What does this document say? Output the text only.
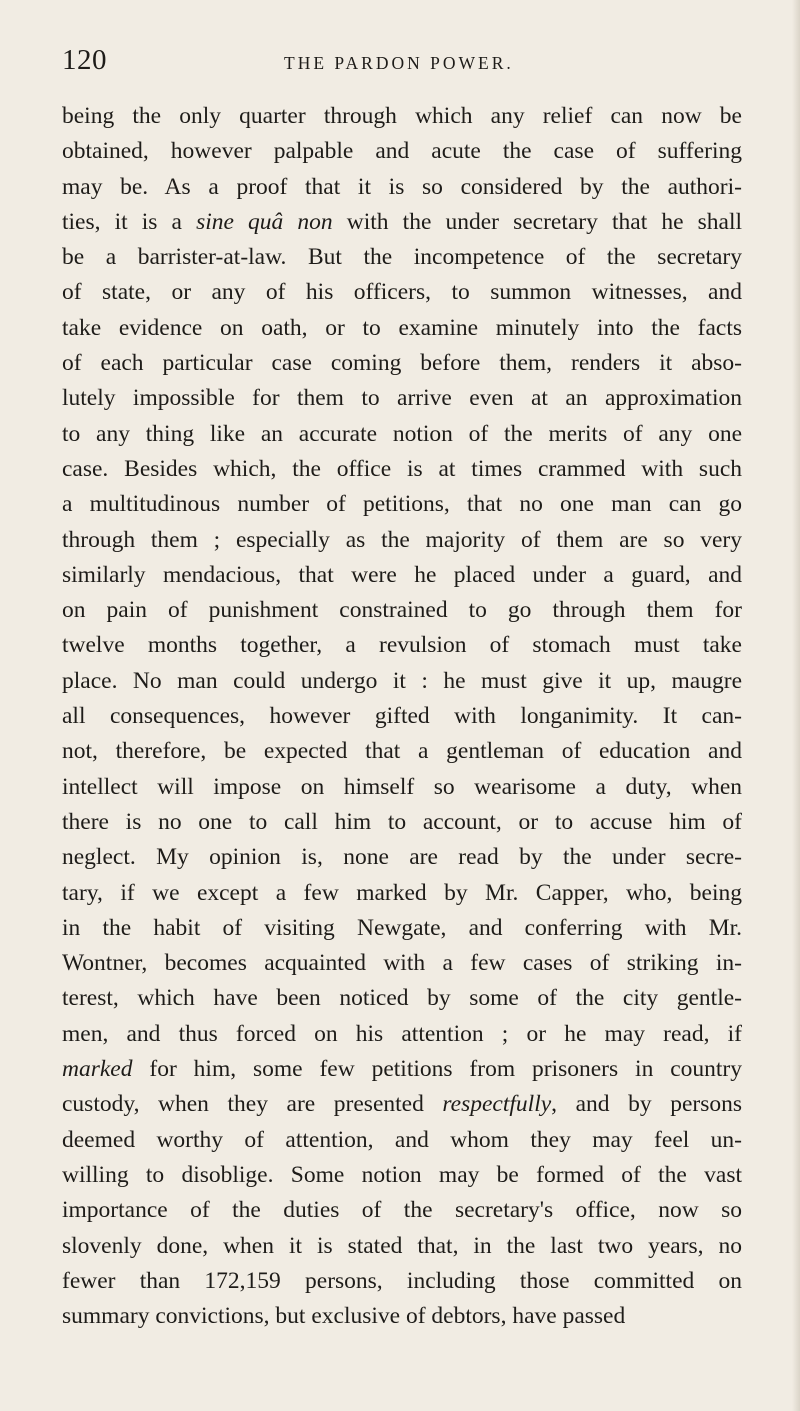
120	THE PARDON POWER.
being the only quarter through which any relief can now be
obtained, however palpable and acute the case of suffering
may be. As a proof that it is so considered by the authori-
ties, it is a sine quâ non with the under secretary that he shall
be a barrister-at-law. But the incompetence of the secretary
of state, or any of his officers, to summon witnesses, and
take evidence on oath, or to examine minutely into the facts
of each particular case coming before them, renders it abso-
lutely impossible for them to arrive even at an approximation
to any thing like an accurate notion of the merits of any one
case. Besides which, the office is at times crammed with such
a multitudinous number of petitions, that no one man can go
through them ; especially as the majority of them are so very
similarly mendacious, that were he placed under a guard, and
on pain of punishment constrained to go through them for
twelve months together, a revulsion of stomach must take
place. No man could undergo it : he must give it up, maugre
all consequences, however gifted with longanimity. It can-
not, therefore, be expected that a gentleman of education and
intellect will impose on himself so wearisome a duty, when
there is no one to call him to account, or to accuse him of
neglect. My opinion is, none are read by the under secre-
tary, if we except a few marked by Mr. Capper, who, being
in the habit of visiting Newgate, and conferring with Mr.
Wontner, becomes acquainted with a few cases of striking in-
terest, which have been noticed by some of the city gentle-
men, and thus forced on his attention ; or he may read, if
marked for him, some few petitions from prisoners in country
custody, when they are presented respectfully, and by persons
deemed worthy of attention, and whom they may feel un-
willing to disoblige. Some notion may be formed of the vast
importance of the duties of the secretary's office, now so
slovenly done, when it is stated that, in the last two years, no
fewer than 172,159 persons, including those committed on
summary convictions, but exclusive of debtors, have passed
